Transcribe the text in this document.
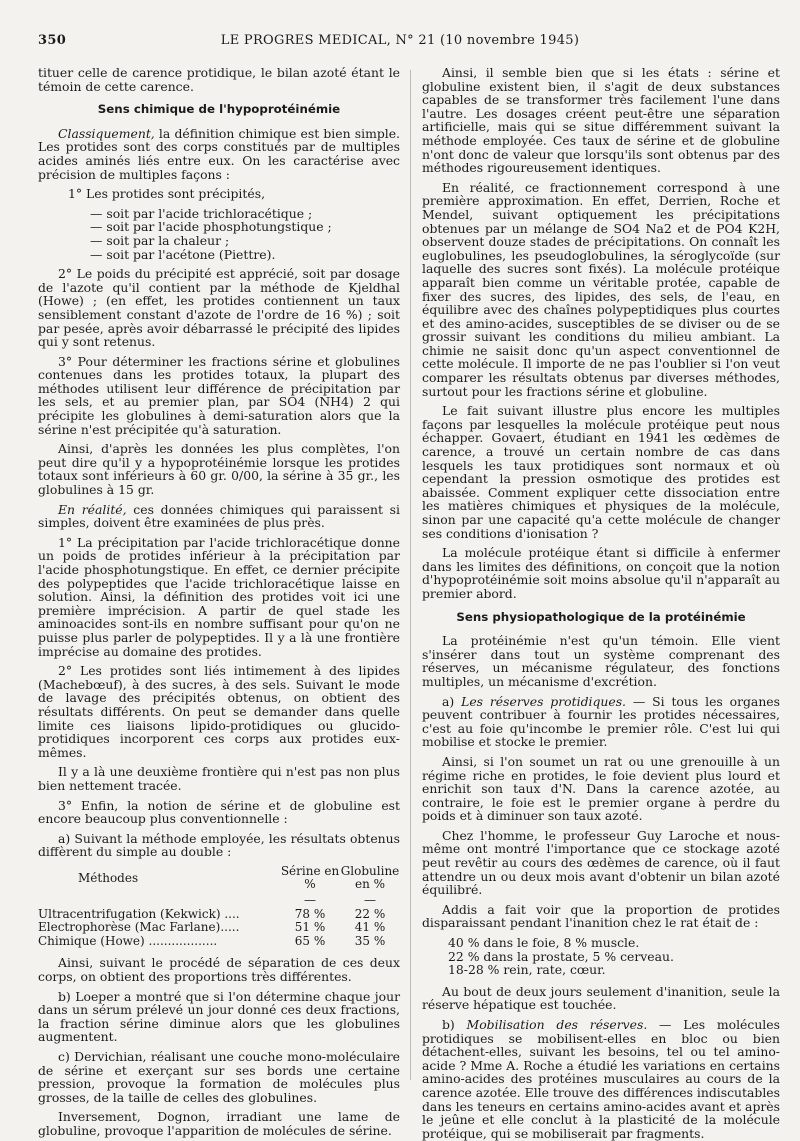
350	LE PROGRES MEDICAL, N° 21 (10 novembre 1945)

tituer celle de carence protidique, le bilan azoté étant le témoin de cette carence.

Sens chimique de l'hypoprotéinémie

Classiquement, la définition chimique est bien simple. Les protides sont des corps constitués par de multiples acides aminés liés entre eux. On les caractérise avec précision de multiples façons :

1° Les protides sont précipités,
— soit par l'acide trichloracétique ;
— soit par l'acide phosphotungstique ;
— soit par la chaleur ;
— soit par l'acétone (Piettre).

2° Le poids du précipité est apprécié, soit par dosage de l'azote qu'il contient par la méthode de Kjeldhal (Howe) ; (en effet, les protides contiennent un taux sensiblement constant d'azote de l'ordre de 16 %) ; soit par pesée, après avoir débarrassé le précipité des lipides qui y sont retenus.

3° Pour déterminer les fractions sérine et globulines contenues dans les protides totaux, la plupart des méthodes utilisent leur différence de précipitation par les sels, et au premier plan, par SO4 (NH4) 2 qui précipite les globulines à demi-saturation alors que la sérine n'est précipitée qu'à saturation.

Ainsi, d'après les données les plus complètes, l'on peut dire qu'il y a hypoprotéinémie lorsque les protides totaux sont inférieurs à 60 gr. 0/00, la sérine à 35 gr., les globulines à 15 gr.

En réalité, ces données chimiques qui paraissent si simples, doivent être examinées de plus près.

1° La précipitation par l'acide trichloracétique donne un poids de protides inférieur à la précipitation par l'acide phosphotungstique. En effet, ce dernier précipite des polypeptides que l'acide trichloracétique laisse en solution. Ainsi, la définition des protides voit ici une première imprécision. A partir de quel stade les aminoacides sont-ils en nombre suffisant pour qu'on ne puisse plus parler de polypeptides. Il y a là une frontière imprécise au domaine des protides.

2° Les protides sont liés intimement à des lipides (Machebœuf), à des sucres, à des sels. Suivant le mode de lavage des précipités obtenus, on obtient des résultats différents. On peut se demander dans quelle limite ces liaisons lipido-protidiques ou glucido-protidiques incorporent ces corps aux protides eux-mêmes.

Il y a là une deuxième frontière qui n'est pas non plus bien nettement tracée.

3° Enfin, la notion de sérine et de globuline est encore beaucoup plus conventionnelle :

a) Suivant la méthode employée, les résultats obtenus diffèrent du simple au double :

Méthodes	Sérine en %	Globuline en %
	—	—
Ultracentrifugation (Kekwick) ....	78 %	22 %
Electrophorèse (Mac Farlane).....	51 %	41 %
Chimique (Howe) ..................	65 %	35 %

Ainsi, suivant le procédé de séparation de ces deux corps, on obtient des proportions très différentes.

b) Loeper a montré que si l'on détermine chaque jour dans un sérum prélevé un jour donné ces deux fractions, la fraction sérine diminue alors que les globulines augmentent.

c) Dervichian, réalisant une couche mono-moléculaire de sérine et exerçant sur ses bords une certaine pression, provoque la formation de molécules plus grosses, de la taille de celles des globulines.

Inversement, Dognon, irradiant une lame de globuline, provoque l'apparition de molécules de sérine.

Ainsi, il semble bien que si les états : sérine et globuline existent bien, il s'agit de deux substances capables de se transformer très facilement l'une dans l'autre. Les dosages créent peut-être une séparation artificielle, mais qui se situe différemment suivant la méthode employée. Ces taux de sérine et de globuline n'ont donc de valeur que lorsqu'ils sont obtenus par des méthodes rigoureusement identiques.

En réalité, ce fractionnement correspond à une première approximation. En effet, Derrien, Roche et Mendel, suivant optiquement les précipitations obtenues par un mélange de SO4 Na2 et de PO4 K2H, observent douze stades de précipitations. On connaît les euglobulines, les pseudoglobulines, la séroglycoïde (sur laquelle des sucres sont fixés). La molécule protéique apparaît bien comme un véritable protée, capable de fixer des sucres, des lipides, des sels, de l'eau, en équilibre avec des chaînes polypeptidiques plus courtes et des amino-acides, susceptibles de se diviser ou de se grossir suivant les conditions du milieu ambiant. La chimie ne saisit donc qu'un aspect conventionnel de cette molécule. Il importe de ne pas l'oublier si l'on veut comparer les résultats obtenus par diverses méthodes, surtout pour les fractions sérine et globuline.

Le fait suivant illustre plus encore les multiples façons par lesquelles la molécule protéique peut nous échapper. Govaert, étudiant en 1941 les œdèmes de carence, a trouvé un certain nombre de cas dans lesquels les taux protidiques sont normaux et où cependant la pression osmotique des protides est abaissée. Comment expliquer cette dissociation entre les matières chimiques et physiques de la molécule, sinon par une capacité qu'a cette molécule de changer ses conditions d'ionisation ?

La molécule protéique étant si difficile à enfermer dans les limites des définitions, on conçoit que la notion d'hypoprotéinémie soit moins absolue qu'il n'apparaît au premier abord.

Sens physiopathologique de la protéinémie

La protéinémie n'est qu'un témoin. Elle vient s'insérer dans tout un système comprenant des réserves, un mécanisme régulateur, des fonctions multiples, un mécanisme d'excrétion.

a) Les réserves protidiques. — Si tous les organes peuvent contribuer à fournir les protides nécessaires, c'est au foie qu'incombe le premier rôle. C'est lui qui mobilise et stocke le premier.

Ainsi, si l'on soumet un rat ou une grenouille à un régime riche en protides, le foie devient plus lourd et enrichit son taux d'N. Dans la carence azotée, au contraire, le foie est le premier organe à perdre du poids et à diminuer son taux azoté.

Chez l'homme, le professeur Guy Laroche et nous-même ont montré l'importance que ce stockage azoté peut revêtir au cours des œdèmes de carence, où il faut attendre un ou deux mois avant d'obtenir un bilan azoté équilibré.

Addis a fait voir que la proportion de protides disparaissant pendant l'inanition chez le rat était de :

40 % dans le foie, 8 % muscle.
22 % dans la prostate, 5 % cerveau.
18-28 % rein, rate, cœur.

Au bout de deux jours seulement d'inanition, seule la réserve hépatique est touchée.

b) Mobilisation des réserves. — Les molécules protidiques se mobilisent-elles en bloc ou bien détachent-elles, suivant les besoins, tel ou tel amino-acide ? Mme A. Roche a étudié les variations en certains amino-acides des protéines musculaires au cours de la carence azotée. Elle trouve des différences indiscutables dans les teneurs en certains amino-acides avant et après le jeûne et elle conclut à la plasticité de la molécule protéique, qui se mobiliserait par fragments.
